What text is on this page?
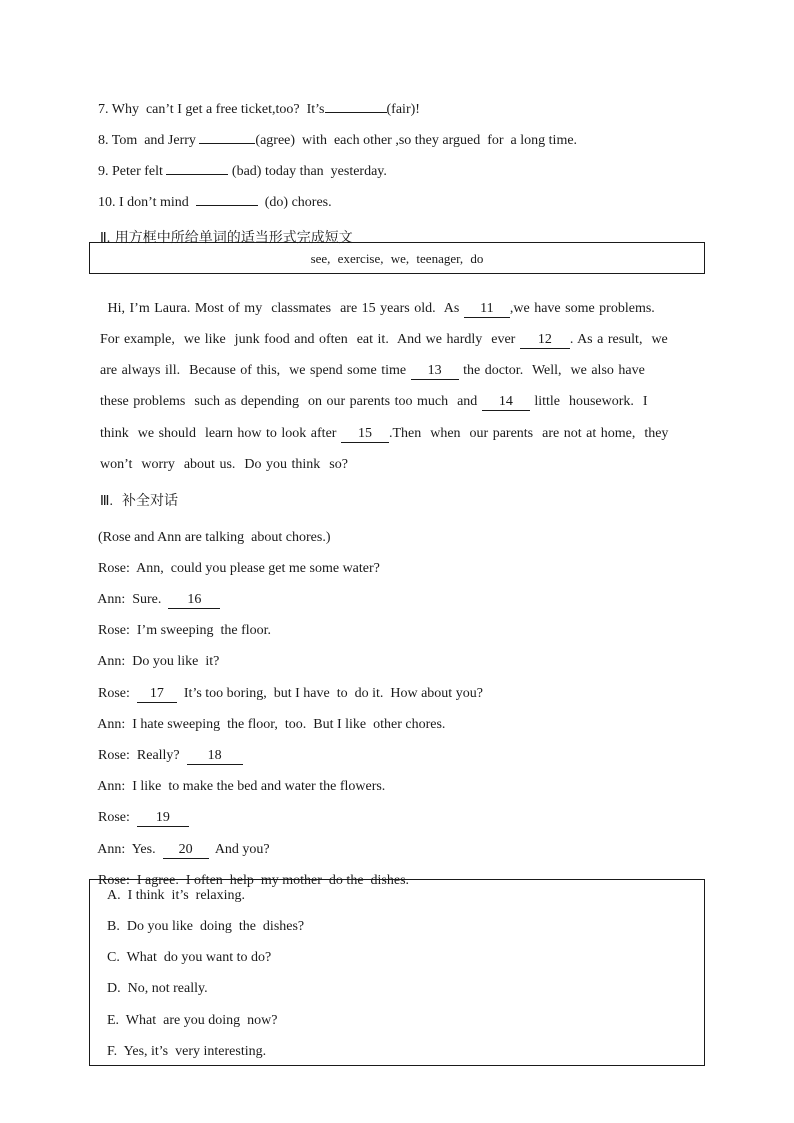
7. Why  can’t I get a free ticket,too?  It’s	(fair)!

8. Tom  and Jerry	(agree)  with  each other ,so they argued  for  a long time.

9. Peter felt	(bad) today than  yesterday.

10. I don’t mind	(do) chores.

Ⅱ. 用方框中所给单词的适当形式完成短文

see, exercise, we, teenager, do

Hi, I’m Laura. Most of my  classmates  are 15 years old.  As 11 ,we have some problems.

For example,  we like  junk food and often  eat it.  And we hardly  ever 12 . As a result,  we

are always ill.  Because of this,  we spend some time 13 the doctor.  Well,  we also have

these problems  such as depending  on our parents too much  and 14 little  housework.  I

think  we should  learn how to look after 15 .Then  when  our parents  are not at home,  they

won’t  worry  about us.  Do you think  so?

Ⅲ. 补全对话

(Rose and Ann are talking  about chores.)

Rose:  Ann,  could you please get me some water?

Ann:  Sure.  16

Rose:  I’m sweeping  the floor.

Ann:  Do you like  it?

Rose:  17  It’s too boring,  but I have  to  do it.  How about you?

Ann:  I hate sweeping  the floor,  too.  But I like  other chores.

Rose:  Really?  18

Ann:  I like  to make the bed and water the flowers.

Rose:  19

Ann:  Yes.  20  And you?

Rose:  I agree.  I often  help  my mother  do the  dishes.

A.  I think  it’s  relaxing.
B.  Do you like  doing  the  dishes?
C.  What  do you want to do?
D.  No, not really.
E.  What  are you doing  now?
F.  Yes, it’s  very interesting.
